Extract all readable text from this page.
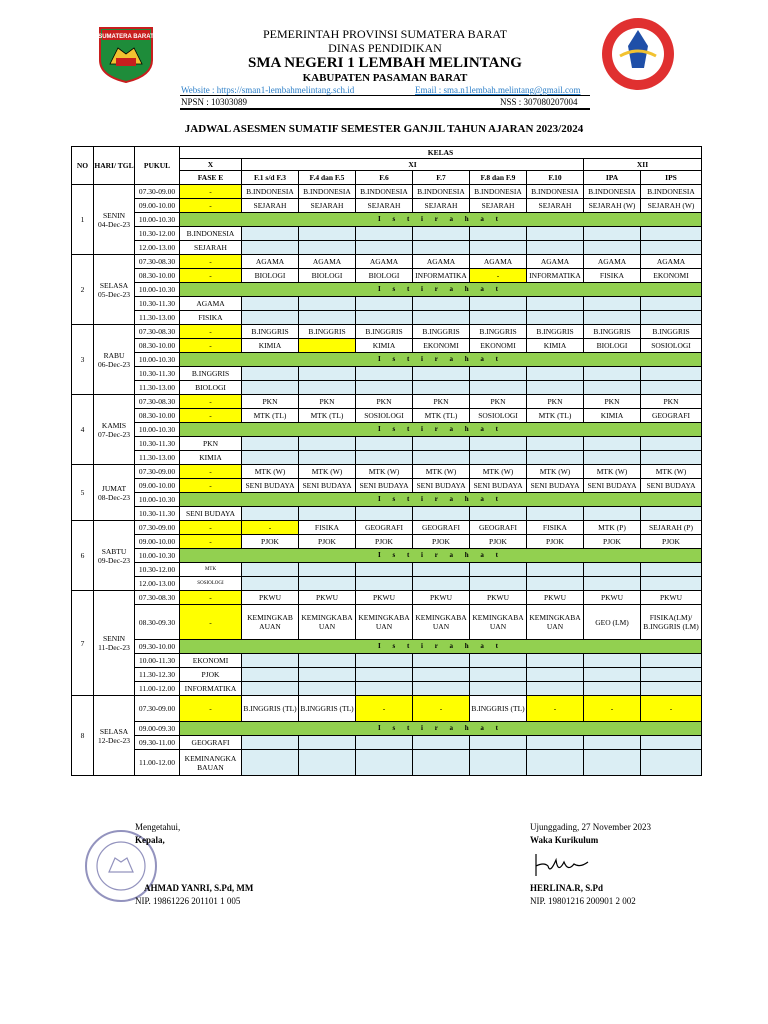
SUMATERA BARAT	PEMERINTAH PROVINSI SUMATERA BARAT
DINAS PENDIDIKAN
SMA NEGERI 1 LEMBAH MELINTANG
KABUPATEN PASAMAN BARAT
Website : https://sman1-lembahmelintang.sch.id	Email : sma.n1lembah.melintang@gmail.com
NPSN : 10303089	NSS : 307080207004
JADWAL ASESMEN SUMATIF SEMESTER GANJIL TAHUN AJARAN 2023/2024
NO	HARI/ TGL	PUKUL	KELAS								
			X	XI						XII	
			FASE E	F.1 s/d F.3	F.4 dan F.5	F.6	F.7	F.8 dan F.9	F.10	IPA	IPS
1	SENIN
04-Dec-23	07.30-09.00	-	B.INDONESIA	B.INDONESIA	B.INDONESIA	B.INDONESIA	B.INDONESIA	B.INDONESIA	B.INDONESIA	B.INDONESIA
		09.00-10.00	-	SEJARAH	SEJARAH	SEJARAH	SEJARAH	SEJARAH	SEJARAH	SEJARAH (W)	SEJARAH (W)
		10.00-10.30	I s t i r a h a t								
		10.30-12.00	B.INDONESIA								
		12.00-13.00	SEJARAH								
2	SELASA
05-Dec-23	07.30-08.30	-	AGAMA	AGAMA	AGAMA	AGAMA	AGAMA	AGAMA	AGAMA	AGAMA
		08.30-10.00	-	BIOLOGI	BIOLOGI	BIOLOGI	INFORMATIKA	-	INFORMATIKA	FISIKA	EKONOMI
		10.00-10.30	I s t i r a h a t								
		10.30-11.30	AGAMA								
		11.30-13.00	FISIKA								
3	RABU
06-Dec-23	07.30-08.30	-	B.INGGRIS	B.INGGRIS	B.INGGRIS	B.INGGRIS	B.INGGRIS	B.INGGRIS	B.INGGRIS	B.INGGRIS
		08.30-10.00	-	KIMIA		KIMIA	EKONOMI	EKONOMI	KIMIA	BIOLOGI	SOSIOLOGI
		10.00-10.30	I s t i r a h a t								
		10.30-11.30	B.INGGRIS								
		11.30-13.00	BIOLOGI								
4	KAMIS
07-Dec-23	07.30-08.30	-	PKN	PKN	PKN	PKN	PKN	PKN	PKN	PKN
		08.30-10.00	-	MTK (TL)	MTK (TL)	SOSIOLOGI	MTK (TL)	SOSIOLOGI	MTK (TL)	KIMIA	GEOGRAFI
		10.00-10.30	I s t i r a h a t								
		10.30-11.30	PKN								
		11.30-13.00	KIMIA								
5	JUMAT
08-Dec-23	07.30-09.00	-	MTK (W)	MTK (W)	MTK (W)	MTK (W)	MTK (W)	MTK (W)	MTK (W)	MTK (W)
		09.00-10.00	-	SENI BUDAYA	SENI BUDAYA	SENI BUDAYA	SENI BUDAYA	SENI BUDAYA	SENI BUDAYA	SENI BUDAYA	SENI BUDAYA
		10.00-10.30	I s t i r a h a t								
		10.30-11.30	SENI BUDAYA								
6	SABTU
09-Dec-23	07.30-09.00	-	-	FISIKA	GEOGRAFI	GEOGRAFI	GEOGRAFI	FISIKA	MTK (P)	SEJARAH (P)
		09.00-10.00	-	PJOK	PJOK	PJOK	PJOK	PJOK	PJOK	PJOK	PJOK
		10.00-10.30	I s t i r a h a t								
		10.30-12.00	MTK								
		12.00-13.00	SOSIOLOGI								
7	SENIN
11-Dec-23	07.30-08.30	-	PKWU	PKWU	PKWU	PKWU	PKWU	PKWU	PKWU	PKWU
		08.30-09.30	-	KEMINGKAB AUAN	KEMINGKABA UAN	KEMINGKABA UAN	KEMINGKABA UAN	KEMINGKABA UAN	KEMINGKABA UAN	GEO (LM)	FISIKA(LM)/ B.INGGRIS (LM)
		09.30-10.00	I s t i r a h a t								
		10.00-11.30	EKONOMI								
		11.30-12.30	PJOK								
		11.00-12.00	INFORMATIKA								
8	SELASA
12-Dec-23	07.30-09.00	-	B.INGGRIS (TL)	B.INGGRIS (TL)	-	-	B.INGGRIS (TL)	-	-	-
		09.00-09.30	I s t i r a h a t								
		09.30-11.00	GEOGRAFI								
		11.00-12.00	KEMINANGKA BAUAN								
Mengetahui,
Kepala,
AHMAD YANRI, S.Pd, MM
NIP. 19861226 201101 1 005
Ujunggading, 27 November 2023
Waka Kurikulum
HERLINA.R, S.Pd
NIP. 19801216 200901 2 002
